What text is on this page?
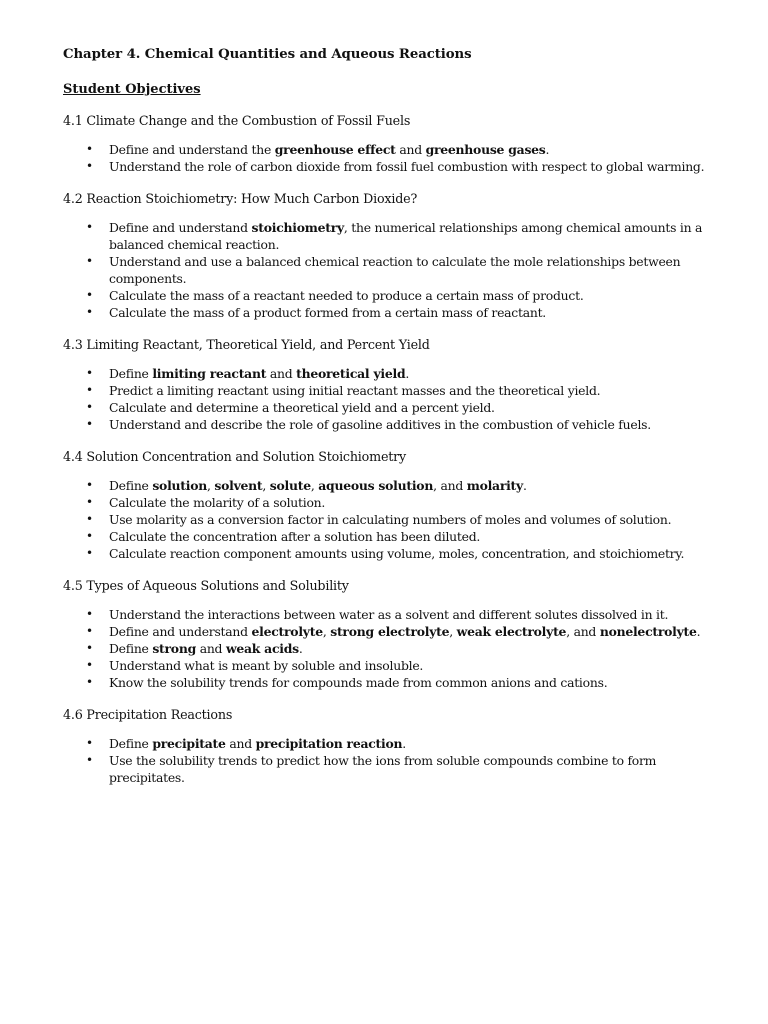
Chapter 4. Chemical Quantities and Aqueous Reactions
Student Objectives
4.1 Climate Change and the Combustion of Fossil Fuels
• Define and understand the greenhouse effect and greenhouse gases.
• Understand the role of carbon dioxide from fossil fuel combustion with respect to global warming.
4.2 Reaction Stoichiometry: How Much Carbon Dioxide?
• Define and understand stoichiometry, the numerical relationships among chemical amounts in a balanced chemical reaction.
• Understand and use a balanced chemical reaction to calculate the mole relationships between components.
• Calculate the mass of a reactant needed to produce a certain mass of product.
• Calculate the mass of a product formed from a certain mass of reactant.
4.3 Limiting Reactant, Theoretical Yield, and Percent Yield
• Define limiting reactant and theoretical yield.
• Predict a limiting reactant using initial reactant masses and the theoretical yield.
• Calculate and determine a theoretical yield and a percent yield.
• Understand and describe the role of gasoline additives in the combustion of vehicle fuels.
4.4 Solution Concentration and Solution Stoichiometry
• Define solution, solvent, solute, aqueous solution, and molarity.
• Calculate the molarity of a solution.
• Use molarity as a conversion factor in calculating numbers of moles and volumes of solution.
• Calculate the concentration after a solution has been diluted.
• Calculate reaction component amounts using volume, moles, concentration, and stoichiometry.
4.5 Types of Aqueous Solutions and Solubility
• Understand the interactions between water as a solvent and different solutes dissolved in it.
• Define and understand electrolyte, strong electrolyte, weak electrolyte, and nonelectrolyte.
• Define strong and weak acids.
• Understand what is meant by soluble and insoluble.
• Know the solubility trends for compounds made from common anions and cations.
4.6 Precipitation Reactions
• Define precipitate and precipitation reaction.
• Use the solubility trends to predict how the ions from soluble compounds combine to form precipitates.
